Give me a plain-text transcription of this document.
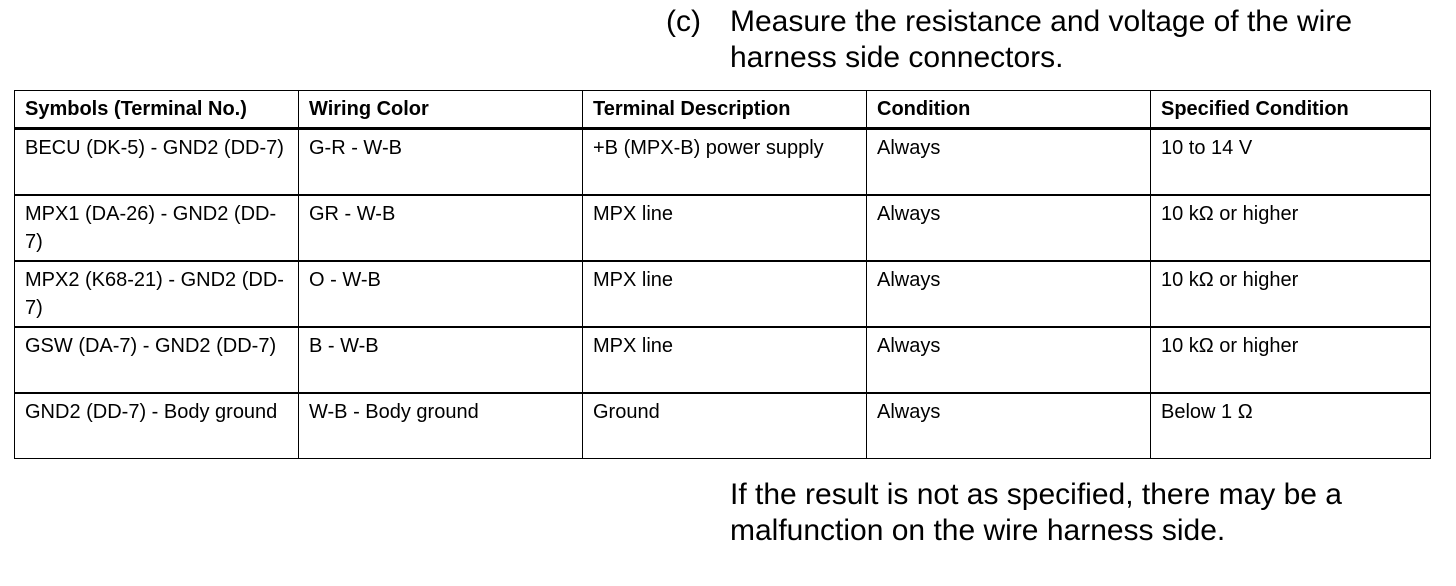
(c) Measure the resistance and voltage of the wire harness side connectors.
Symbols (Terminal No.)	Wiring Color	Terminal Description	Condition	Specified Condition
BECU (DK-5) - GND2 (DD-7)	G-R - W-B	+B (MPX-B) power supply	Always	10 to 14 V
MPX1 (DA-26) - GND2 (DD-7)	GR - W-B	MPX line	Always	10 kΩ or higher
MPX2 (K68-21) - GND2 (DD-7)	O - W-B	MPX line	Always	10 kΩ or higher
GSW (DA-7) - GND2 (DD-7)	B - W-B	MPX line	Always	10 kΩ or higher
GND2 (DD-7) - Body ground	W-B - Body ground	Ground	Always	Below 1 Ω
If the result is not as specified, there may be a malfunction on the wire harness side.
